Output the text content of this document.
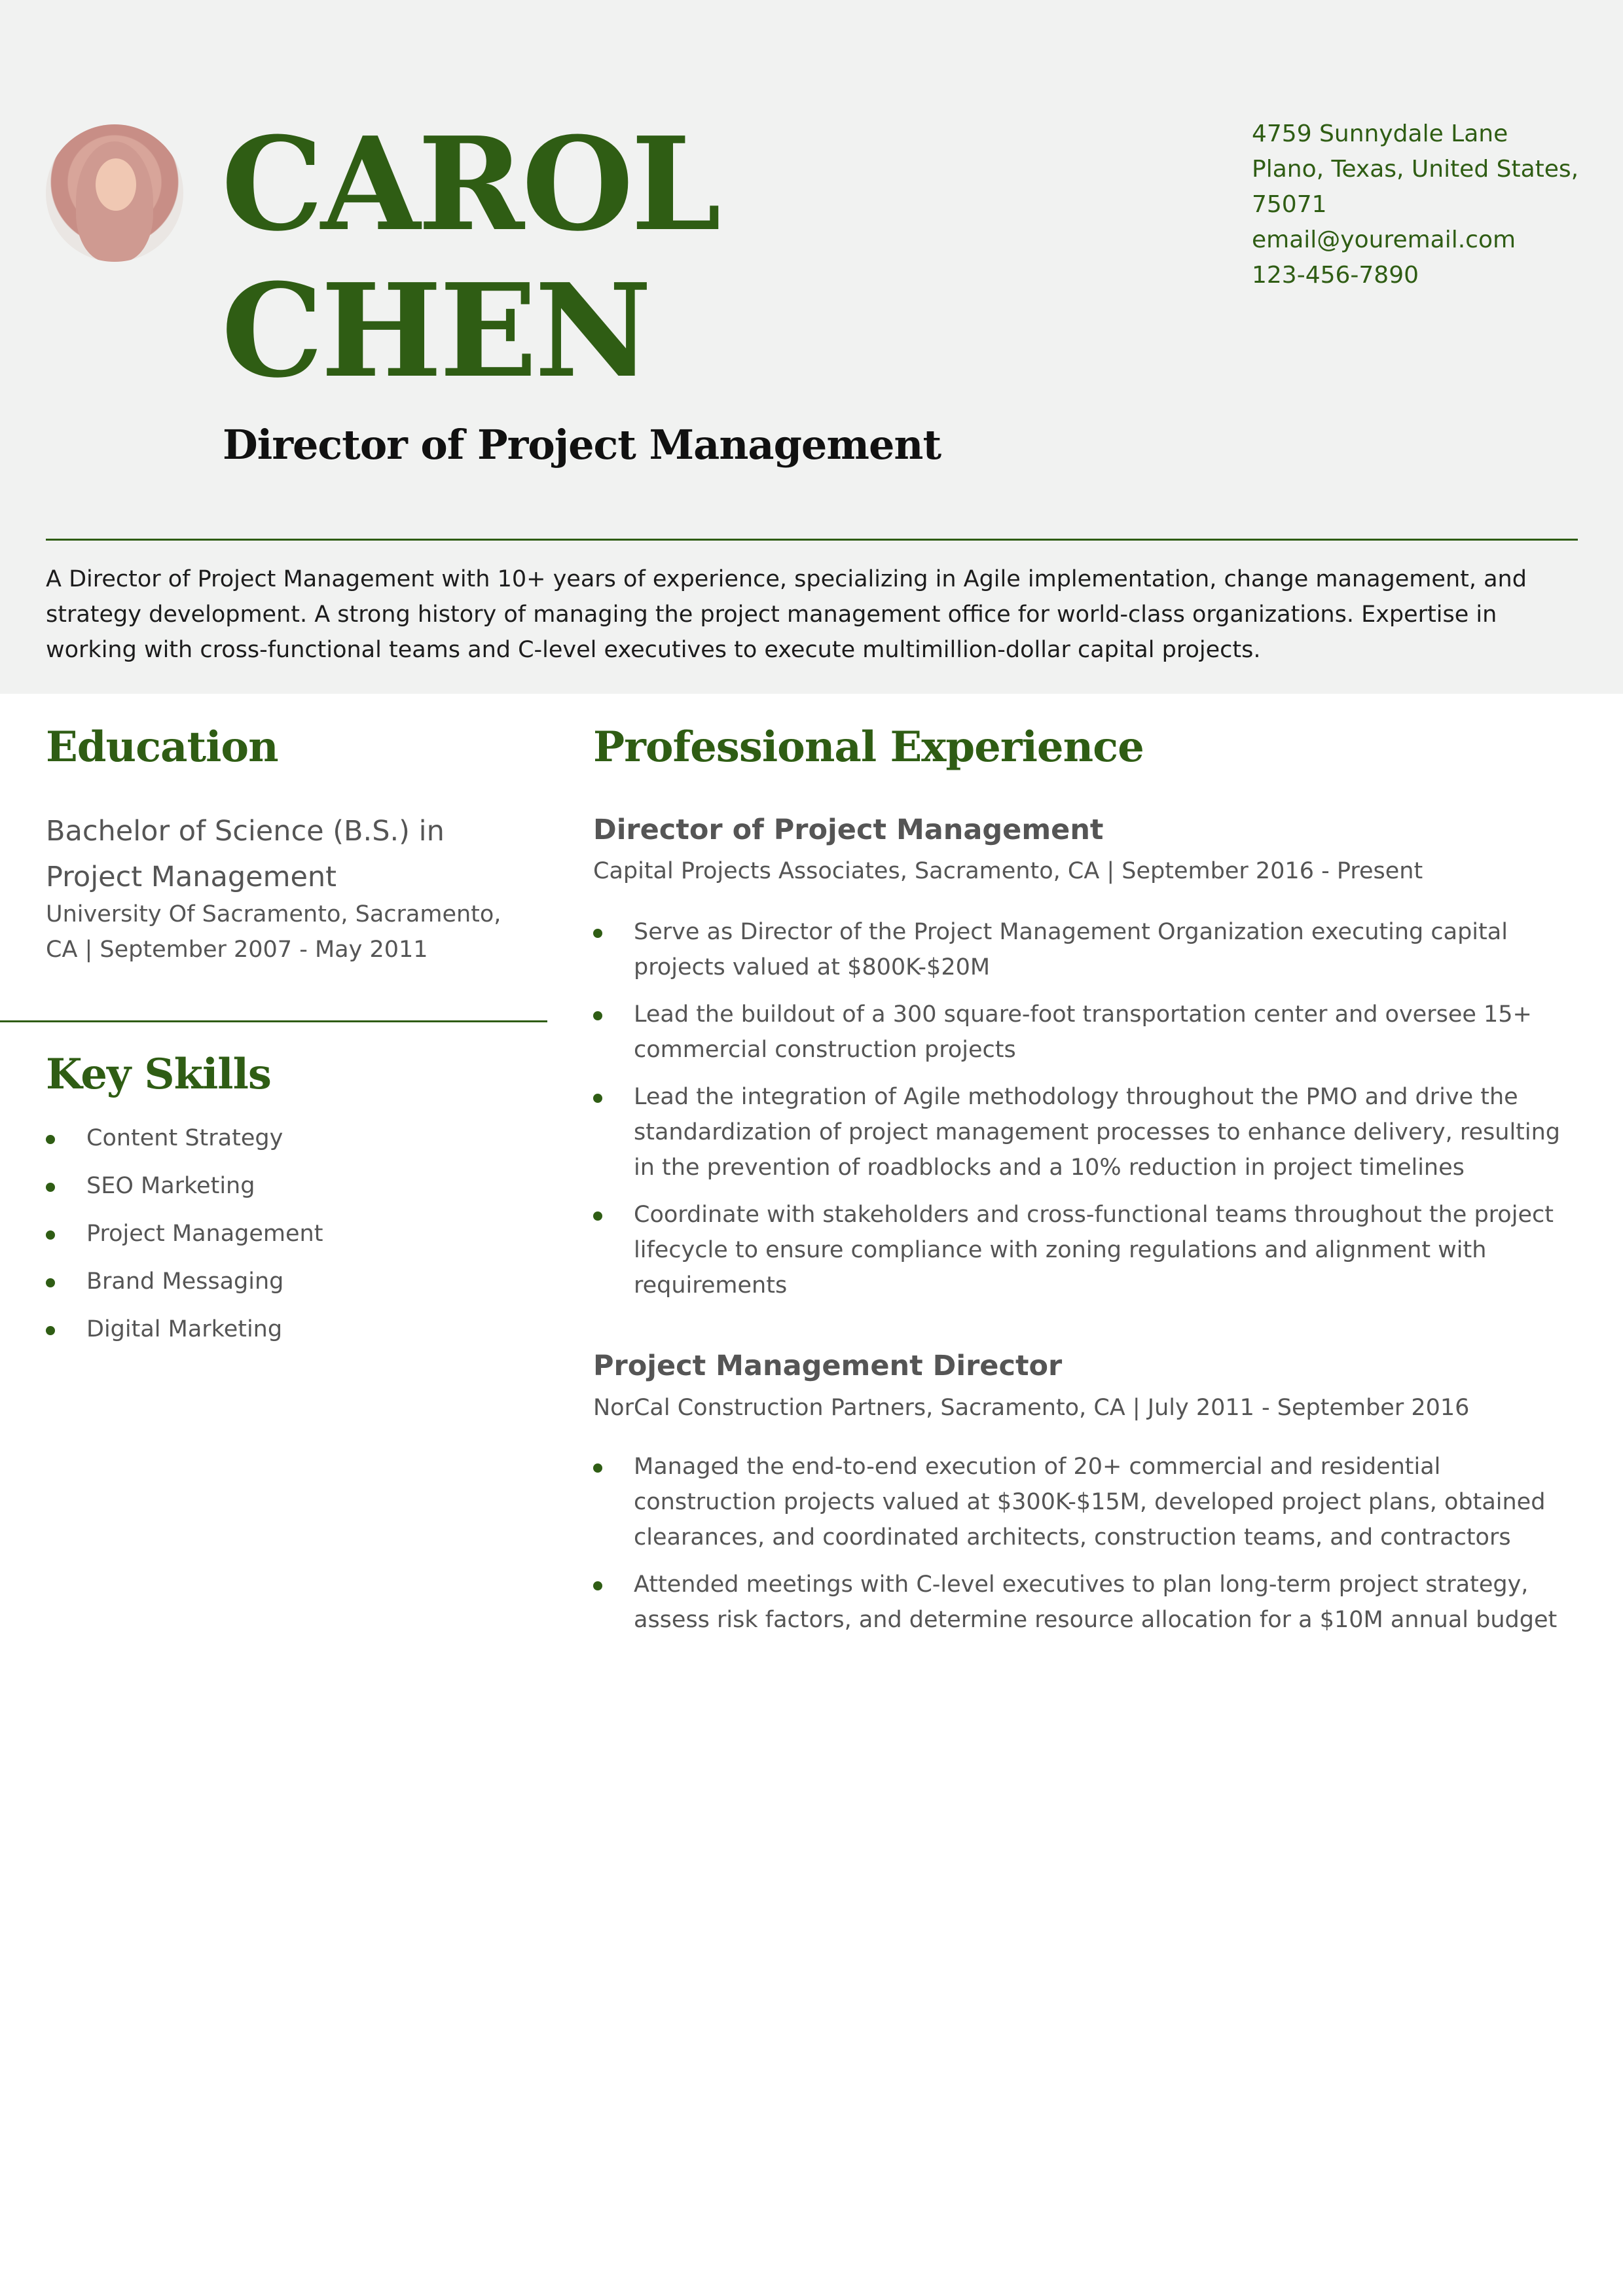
CAROL
CHEN
Director of Project Management
4759 Sunnydale Lane
Plano, Texas, United States,
75071
email@youremail.com
123-456-7890

A Director of Project Management with 10+ years of experience, specializing in Agile implementation, change management, and strategy development. A strong history of managing the project management office for world-class organizations. Expertise in working with cross-functional teams and C-level executives to execute multimillion-dollar capital projects.

Education

Bachelor of Science (B.S.) in Project Management

University Of Sacramento, Sacramento, CA | September 2007 - May 2011

Key Skills
Content Strategy
SEO Marketing
Project Management
Brand Messaging
Digital Marketing
Professional Experience
Director of Project Management

Capital Projects Associates, Sacramento, CA | September 2016 - Present

Serve as Director of the Project Management Organization executing capital projects valued at $800K-$20M
Lead the buildout of a 300 square-foot transportation center and oversee 15+ commercial construction projects
Lead the integration of Agile methodology throughout the PMO and drive the standardization of project management processes to enhance delivery, resulting in the prevention of roadblocks and a 10% reduction in project timelines
Coordinate with stakeholders and cross-functional teams throughout the project lifecycle to ensure compliance with zoning regulations and alignment with requirements
Project Management Director

NorCal Construction Partners, Sacramento, CA | July 2011 - September 2016

Managed the end-to-end execution of 20+ commercial and residential construction projects valued at $300K-$15M, developed project plans, obtained clearances, and coordinated architects, construction teams, and contractors
Attended meetings with C-level executives to plan long-term project strategy, assess risk factors, and determine resource allocation for a $10M annual budget
